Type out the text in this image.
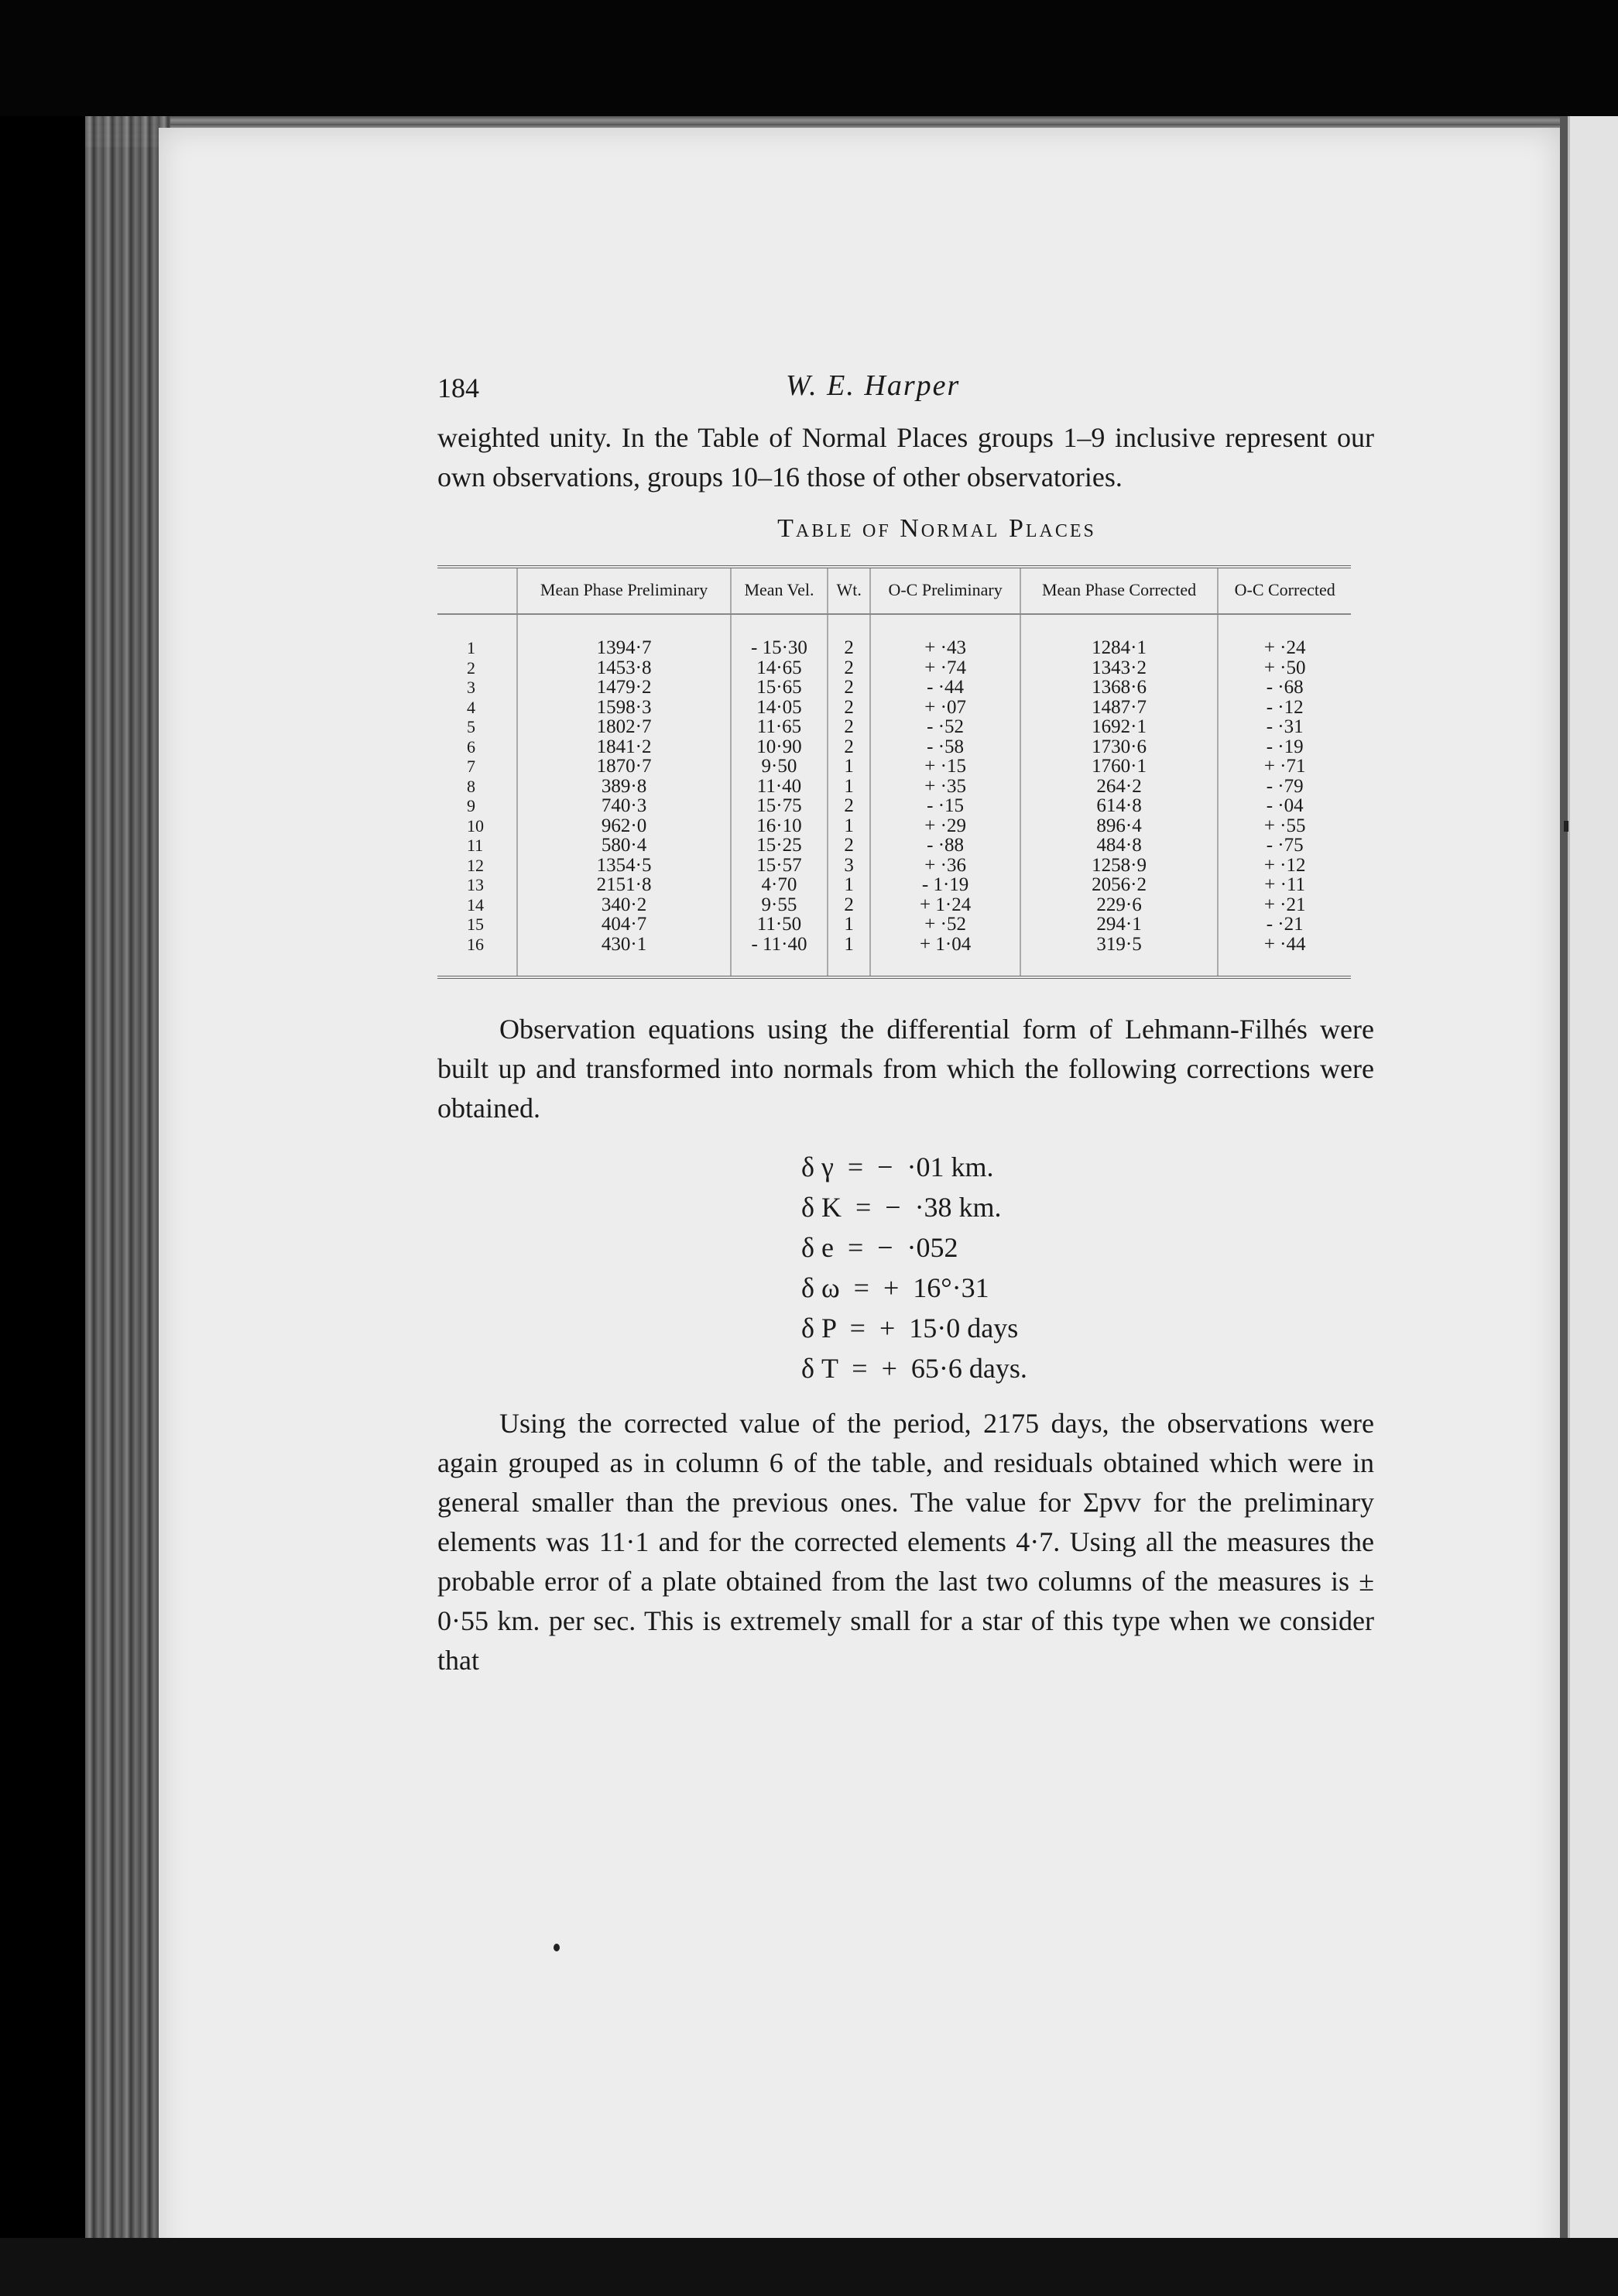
184	W. E. Harper

weighted unity. In the Table of Normal Places groups 1–9 inclusive represent our own observations, groups 10–16 those of other observatories.

Table of Normal Places
	Mean Phase Preliminary	Mean Vel.	Wt.	O-C Preliminary	Mean Phase Corrected	O-C Corrected
1	1394·7	- 15·30	2	+ ·43	1284·1	+ ·24
2	1453·8	14·65	2	+ ·74	1343·2	+ ·50
3	1479·2	15·65	2	- ·44	1368·6	- ·68
4	1598·3	14·05	2	+ ·07	1487·7	- ·12
5	1802·7	11·65	2	- ·52	1692·1	- ·31
6	1841·2	10·90	2	- ·58	1730·6	- ·19
7	1870·7	9·50	1	+ ·15	1760·1	+ ·71
8	389·8	11·40	1	+ ·35	264·2	- ·79
9	740·3	15·75	2	- ·15	614·8	- ·04
10	962·0	16·10	1	+ ·29	896·4	+ ·55
11	580·4	15·25	2	- ·88	484·8	- ·75
12	1354·5	15·57	3	+ ·36	1258·9	+ ·12
13	2151·8	4·70	1	- 1·19	2056·2	+ ·11
14	340·2	9·55	2	+ 1·24	229·6	+ ·21
15	404·7	11·50	1	+ ·52	294·1	- ·21
16	430·1	- 11·40	1	+ 1·04	319·5	+ ·44

Observation equations using the differential form of Lehmann-Filhés were built up and transformed into normals from which the following corrections were obtained.

δ γ  =  −  ·01 km.
δ K  =  −  ·38 km.
δ e  =  −  ·052
δ ω  =  +  16°·31
δ P  =  +  15·0 days
δ T  =  +  65·6 days.

Using the corrected value of the period, 2175 days, the observations were again grouped as in column 6 of the table, and residuals obtained which were in general smaller than the previous ones. The value for Σpvv for the preliminary elements was 11·1 and for the corrected elements 4·7. Using all the measures the probable error of a plate obtained from the last two columns of the measures is ± 0·55 km. per sec. This is extremely small for a star of this type when we consider that
